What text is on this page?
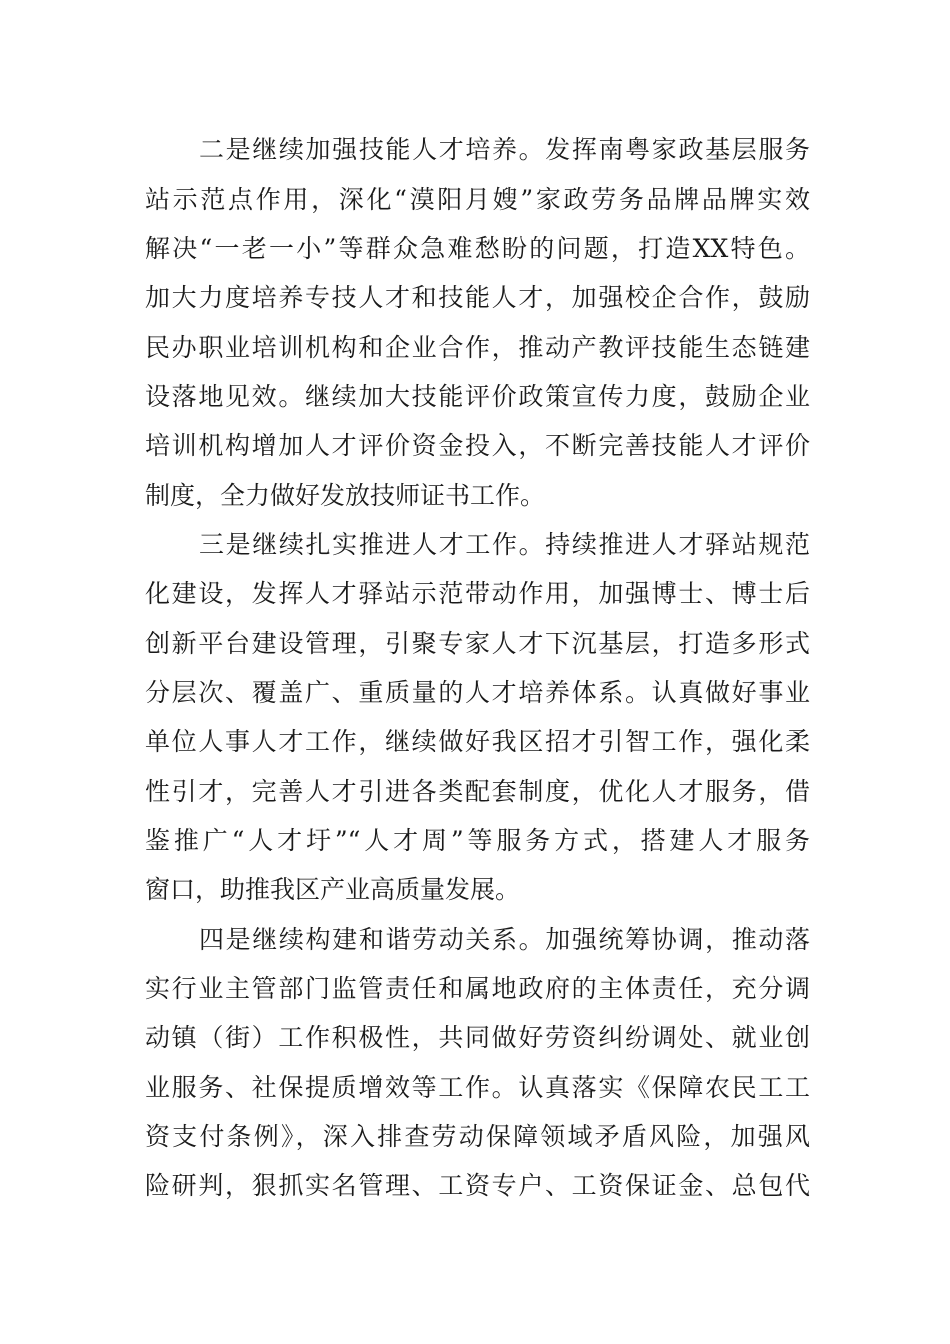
二是继续加强技能人才培养。发挥南粤家政基层服务
站示范点作用，深化“漠阳月嫂”家政劳务品牌品牌实效
解决“一老一小”等群众急难愁盼的问题，打造XX特色。
加大力度培养专技人才和技能人才，加强校企合作，鼓励
民办职业培训机构和企业合作，推动产教评技能生态链建
设落地见效。继续加大技能评价政策宣传力度，鼓励企业
培训机构增加人才评价资金投入，不断完善技能人才评价
制度，全力做好发放技师证书工作。
三是继续扎实推进人才工作。持续推进人才驿站规范
化建设，发挥人才驿站示范带动作用，加强博士、博士后
创新平台建设管理，引聚专家人才下沉基层，打造多形式
分层次、覆盖广、重质量的人才培养体系。认真做好事业
单位人事人才工作，继续做好我区招才引智工作，强化柔
性引才，完善人才引进各类配套制度，优化人才服务，借
鉴推广“人才圩”“人才周”等服务方式，搭建人才服务
窗口，助推我区产业高质量发展。
四是继续构建和谐劳动关系。加强统筹协调，推动落
实行业主管部门监管责任和属地政府的主体责任，充分调
动镇（街）工作积极性，共同做好劳资纠纷调处、就业创
业服务、社保提质增效等工作。认真落实《保障农民工工
资支付条例》，深入排查劳动保障领域矛盾风险，加强风
险研判，狠抓实名管理、工资专户、工资保证金、总包代
